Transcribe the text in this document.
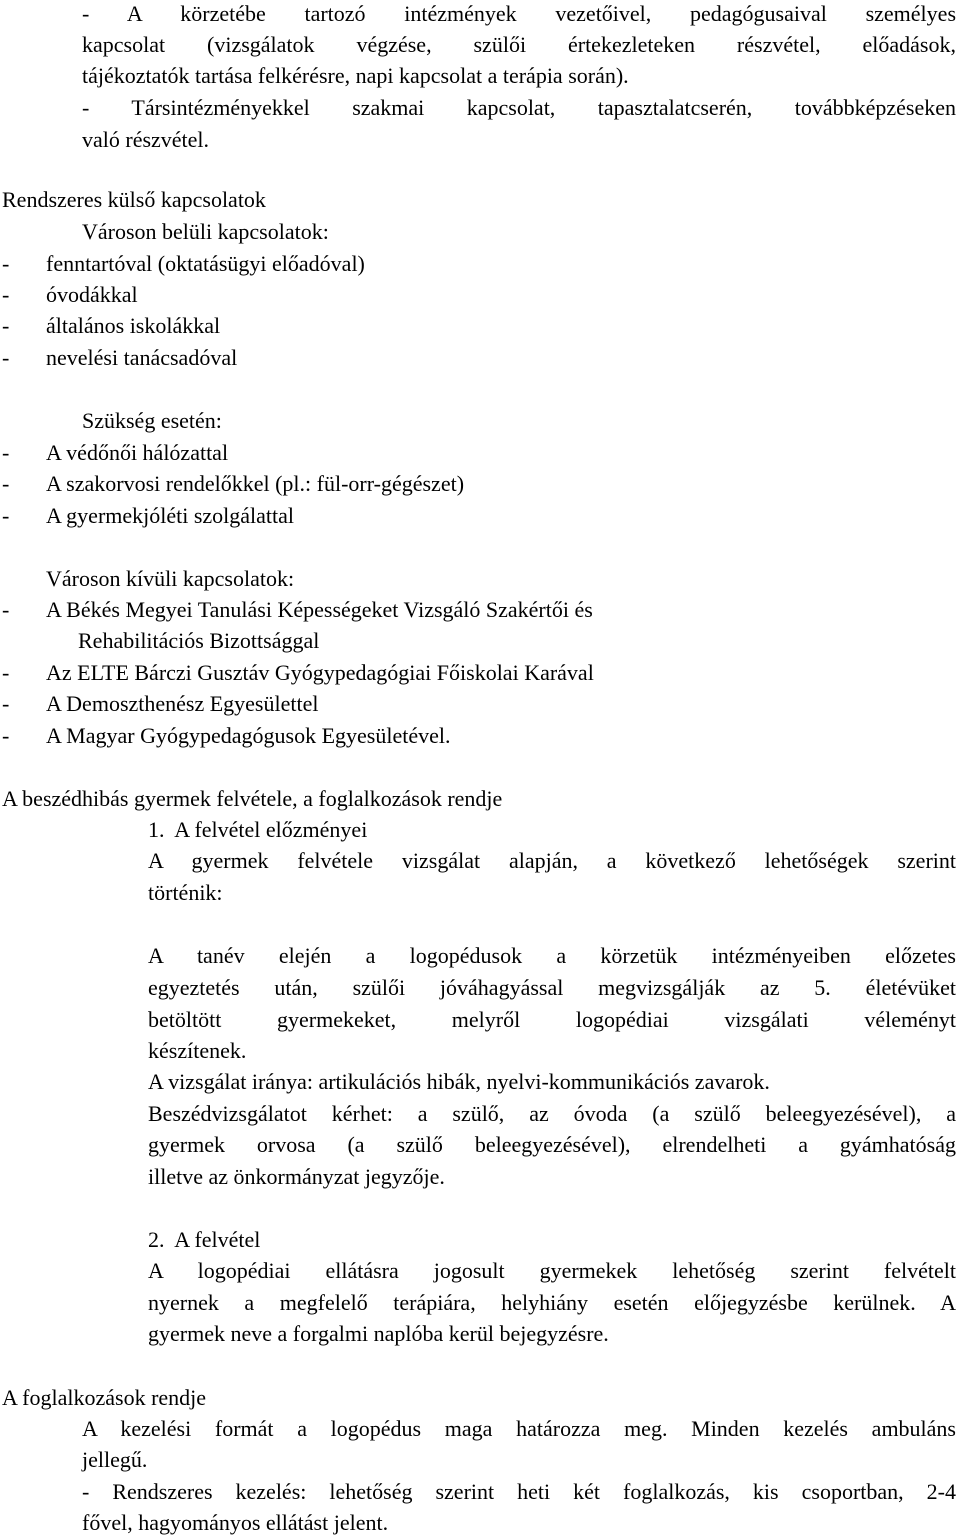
- A körzetébe tartozó intézmények vezetőivel, pedagógusaival személyes

kapcsolat (vizsgálatok végzése, szülői értekezleteken részvétel, előadások,

tájékoztatók tartása felkérésre, napi kapcsolat a terápia során).

- Társintézményekkel szakmai kapcsolat, tapasztalatcserén, továbbképzéseken

való részvétel.

Rendszeres külső kapcsolatok

Városon belüli kapcsolatok:

- fenntartóval (oktatásügyi előadóval)
- óvodákkal
- általános iskolákkal
- nevelési tanácsadóval

Szükség esetén:

- A védőnői hálózattal
- A szakorvosi rendelőkkel (pl.: fül-orr-gégészet)
- A gyermekjóléti szolgálattal

Városon kívüli kapcsolatok:

- A Békés Megyei Tanulási Képességeket Vizsgáló Szakértői és

Rehabilitációs Bizottsággal

- Az ELTE Bárczi Gusztáv Gyógypedagógiai Főiskolai Karával
- A Demoszthenész Egyesülettel
- A Magyar Gyógypedagógusok Egyesületével.

A beszédhibás gyermek felvétele, a foglalkozások rendje

1.  A felvétel előzményei

A gyermek felvétele vizsgálat alapján, a következő lehetőségek szerint

történik:

A tanév elején a logopédusok a körzetük intézményeiben előzetes

egyeztetés után, szülői jóváhagyással megvizsgálják az 5. életévüket

betöltött gyermekeket, melyről logopédiai vizsgálati véleményt

készítenek.

A vizsgálat iránya: artikulációs hibák, nyelvi-kommunikációs zavarok.

Beszédvizsgálatot kérhet: a szülő, az óvoda (a szülő beleegyezésével), a

gyermek orvosa (a szülő beleegyezésével), elrendelheti a gyámhatóság

illetve az önkormányzat jegyzője.

2.  A felvétel

A logopédiai ellátásra jogosult gyermekek lehetőség szerint felvételt

nyernek a megfelelő terápiára, helyhiány esetén előjegyzésbe kerülnek. A

gyermek neve a forgalmi naplóba kerül bejegyzésre.

A foglalkozások rendje

A kezelési formát a logopédus maga határozza meg. Minden kezelés ambuláns

jellegű.

- Rendszeres kezelés: lehetőség szerint heti két foglalkozás, kis csoportban, 2-4

fővel, hagyományos ellátást jelent.
